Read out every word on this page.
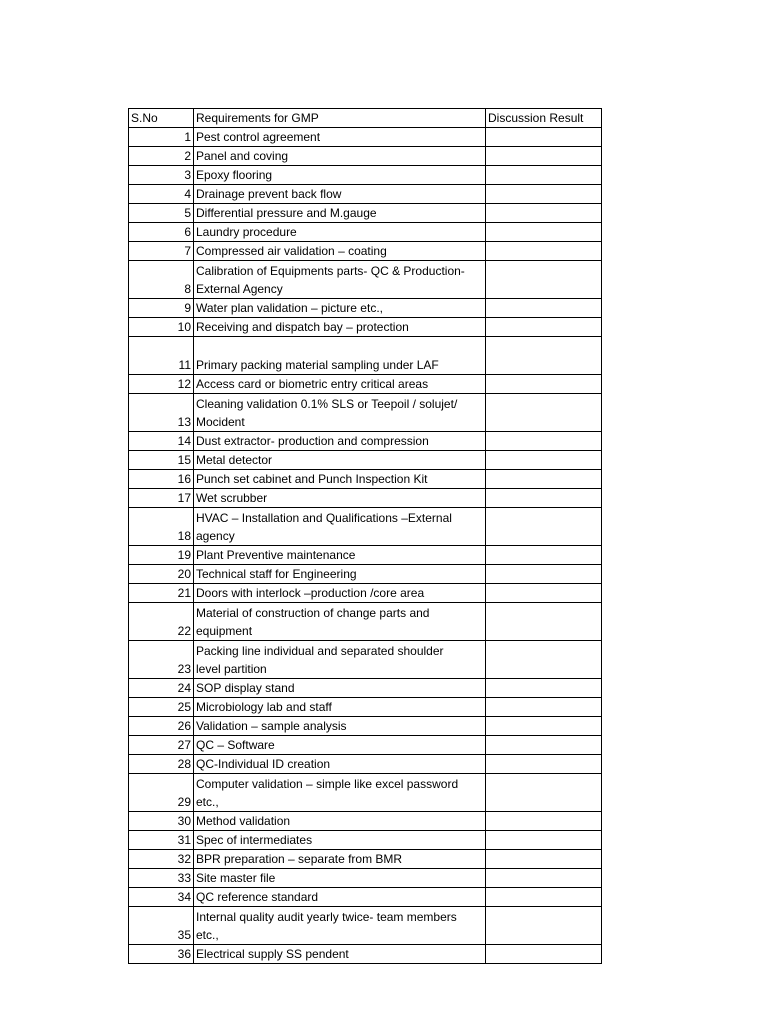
S.No	Requirements for GMP	Discussion Result
1	Pest control agreement	
2	Panel and coving	
3	Epoxy flooring	
4	Drainage prevent back flow	
5	Differential pressure and M.gauge	
6	Laundry procedure	
7	Compressed air validation – coating	
8	Calibration of Equipments parts- QC & Production-
External Agency	
9	Water plan validation – picture etc.,	
10	Receiving and dispatch bay – protection	
11	Primary packing material sampling under LAF	
12	Access card or biometric entry critical areas	
13	Cleaning validation 0.1% SLS or Teepoil / solujet/
Mocident	
14	Dust extractor- production and compression	
15	Metal detector	
16	Punch set cabinet and Punch Inspection Kit	
17	Wet scrubber	
18	HVAC – Installation and Qualifications –External
agency	
19	Plant Preventive maintenance	
20	Technical staff for Engineering	
21	Doors with interlock –production /core area	
22	Material of construction of change parts and
equipment	
23	Packing line individual and separated shoulder
level partition	
24	SOP display stand	
25	Microbiology lab and staff	
26	Validation – sample analysis	
27	QC – Software	
28	QC-Individual ID creation	
29	Computer validation – simple like excel password
etc.,	
30	Method validation	
31	Spec of intermediates	
32	BPR preparation – separate from BMR	
33	Site master file	
34	QC reference standard	
35	Internal quality audit yearly twice- team members
etc.,	
36	Electrical supply SS pendent	
